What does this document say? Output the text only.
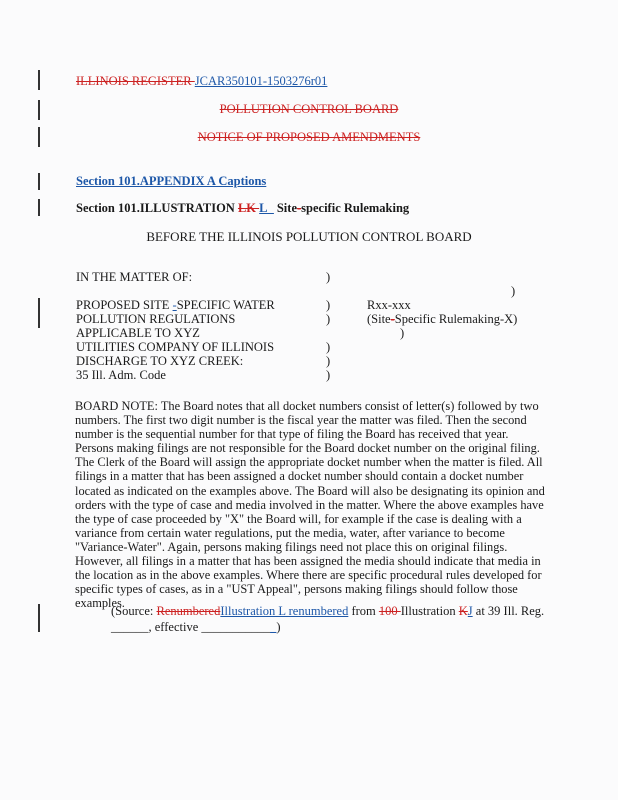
ILLINOIS REGISTER JCAR350101-1503276r01
POLLUTION CONTROL BOARD
NOTICE OF PROPOSED AMENDMENTS
Section 101.APPENDIX A Captions
Section 101.ILLUSTRATION LK L_ Site-specific Rulemaking
BEFORE THE ILLINOIS POLLUTION CONTROL BOARD
IN THE MATTER OF:	)
)
PROPOSED SITE -SPECIFIC WATER
POLLUTION REGULATIONS
APPLICABLE TO XYZ
UTILITIES COMPANY OF ILLINOIS
DISCHARGE TO XYZ CREEK:
35 Ill. Adm. Code
)
)
)
)
)
Rxx-xxx
(Site-Specific Rulemaking-X)
)
BOARD NOTE: The Board notes that all docket numbers consist of letter(s) followed by two numbers. The first two digit number is the fiscal year the matter was filed. Then the second number is the sequential number for that type of filing the Board has received that year. Persons making filings are not responsible for the Board docket number on the original filing. The Clerk of the Board will assign the appropriate docket number when the matter is filed. All filings in a matter that has been assigned a docket number should contain a docket number located as indicated on the examples above. The Board will also be designating its opinion and orders with the type of case and media involved in the matter. Where the above examples have the type of case proceeded by "X" the Board will, for example if the case is dealing with a variance from certain water regulations, put the media, water, after variance to become "Variance-Water". Again, persons making filings need not place this on original filings. However, all filings in a matter that has been assigned the media should indicate that media in the location as in the above examples. Where there are specific procedural rules developed for specific types of cases, as in a "UST Appeal", persons making filings should follow those examples.
(Source: RenumberedIllustration L renumbered from 100 Illustration KJ at 39 Ill. Reg.
______, effective ____________)
